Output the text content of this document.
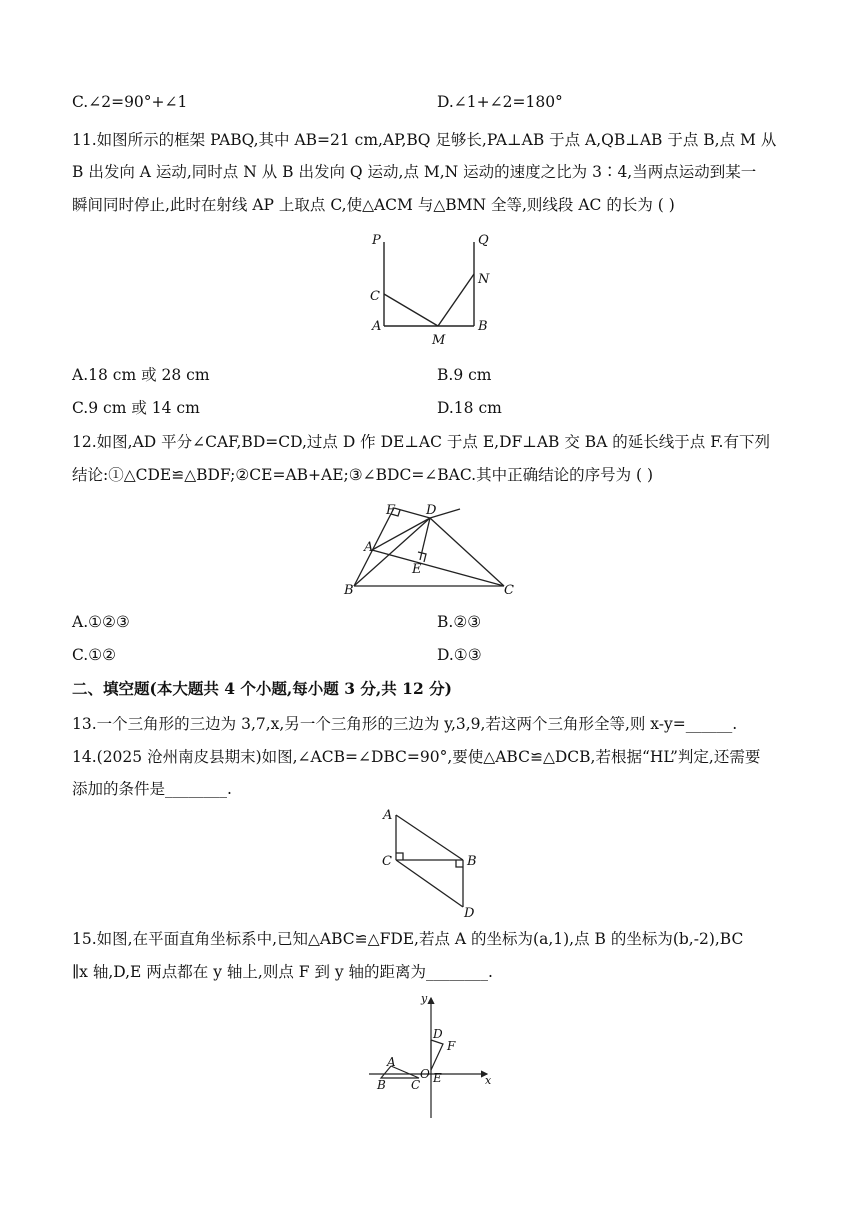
C.∠2=90°+∠1	D.∠1+∠2=180°
11.如图所示的框架 PABQ,其中 AB=21 cm,AP,BQ 足够长,PA⊥AB 于点 A,QB⊥AB 于点 B,点 M 从
B 出发向 A 运动,同时点 N 从 B 出发向 Q 运动,点 M,N 运动的速度之比为 3∶4,当两点运动到某一
瞬间同时停止,此时在射线 AP 上取点 C,使△ACM 与△BMN 全等,则线段 AC 的长为 ( )
P	Q
C
N
A
M
B
A.18 cm 或 28 cm	B.9 cm
C.9 cm 或 14 cm	D.18 cm
12.如图,AD 平分∠CAF,BD=CD,过点 D 作 DE⊥AC 于点 E,DF⊥AB 交 BA 的延长线于点 F.有下列
结论:①△CDE≌△BDF;②CE=AB+AE;③∠BDC=∠BAC.其中正确结论的序号为 ( )
F D
A
E
B	C
A.①②③	B.②③
C.①②	D.①③
二、填空题(本大题共 4 个小题,每小题 3 分,共 12 分)
13.一个三角形的三边为 3,7,x,另一个三角形的三边为 y,3,9,若这两个三角形全等,则 x-y=______.
14.(2025 沧州南皮县期末)如图,∠ACB=∠DBC=90°,要使△ABC≌△DCB,若根据“HL”判定,还需要
添加的条件是________.
A
C	B
D
15.如图,在平面直角坐标系中,已知△ABC≌△FDE,若点 A 的坐标为(a,1),点 B 的坐标为(b,-2),BC
∥x 轴,D,E 两点都在 y 轴上,则点 F 到 y 轴的距离为________.
y
x
D
F
A
O E
B C
